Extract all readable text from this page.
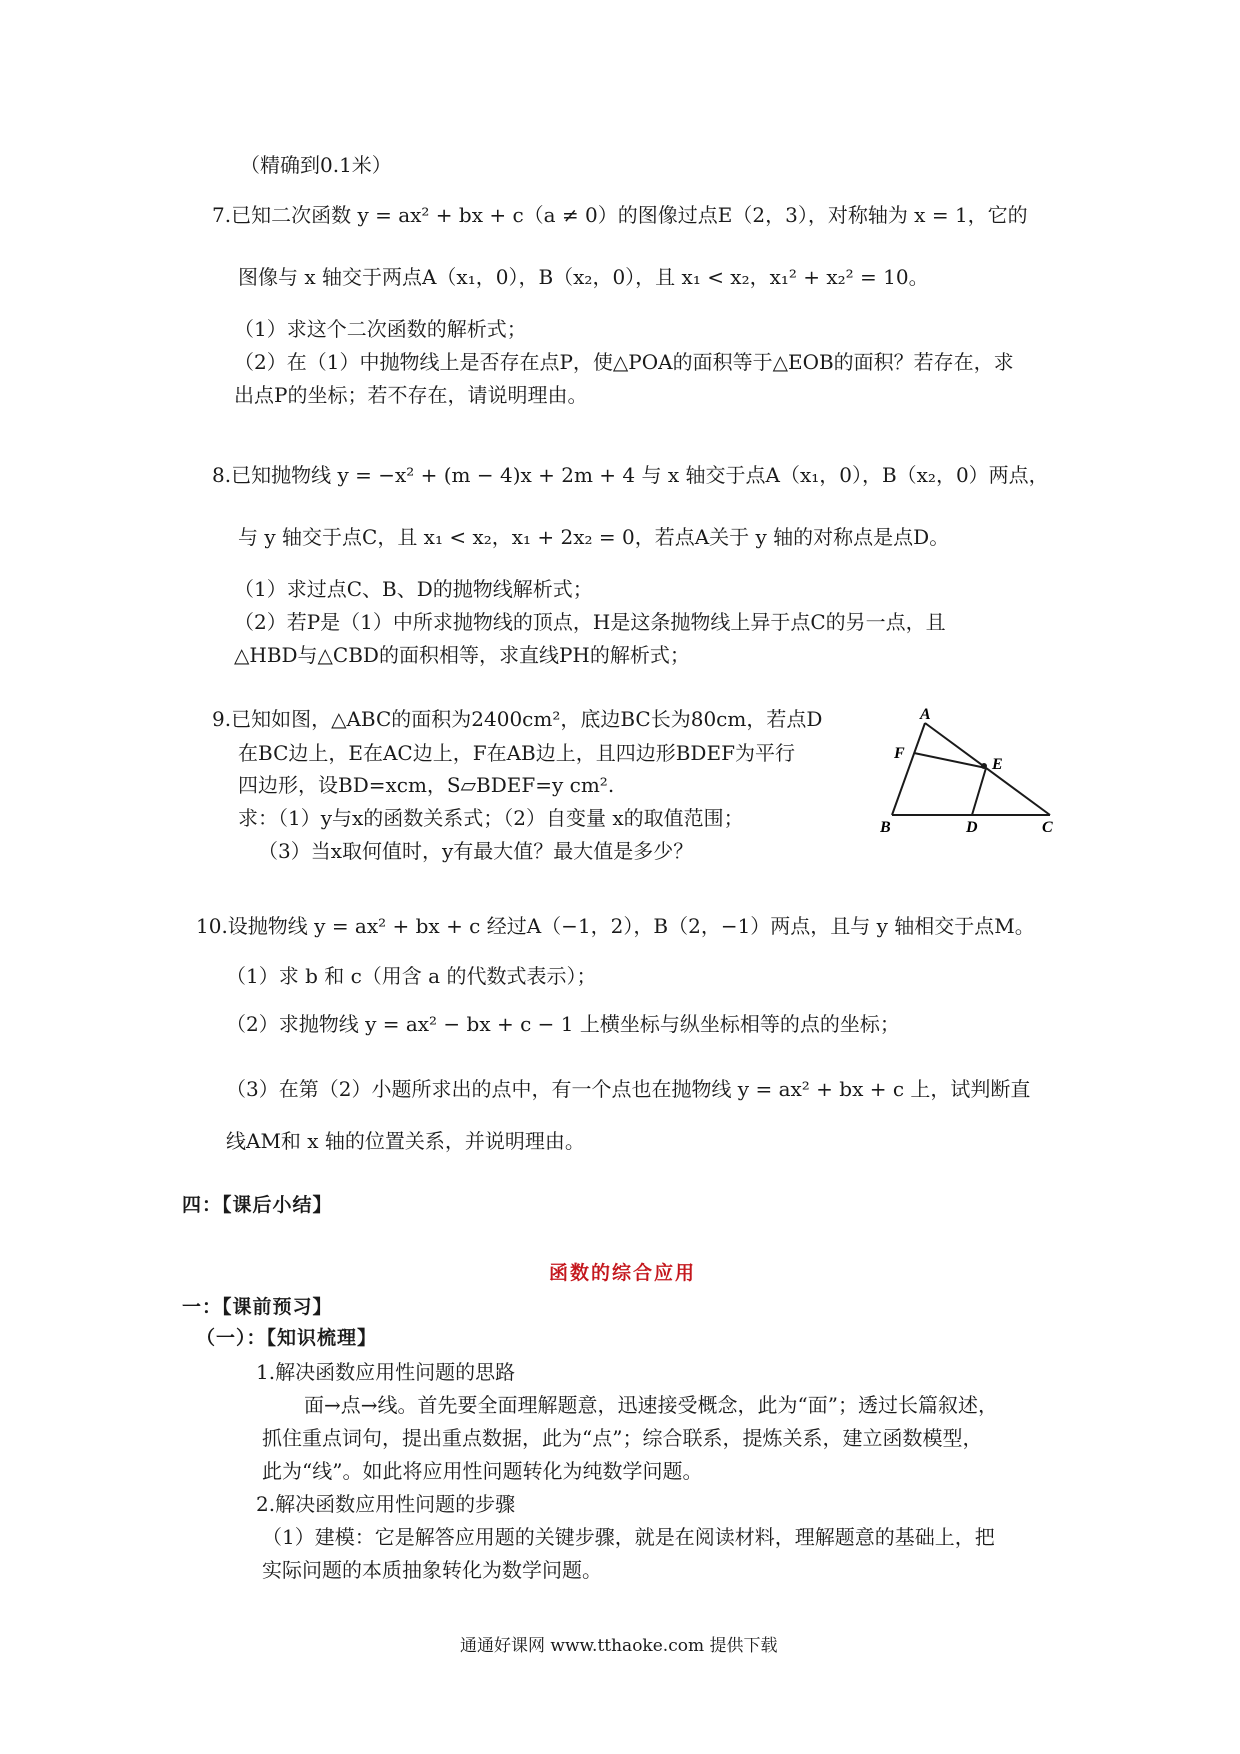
（精确到0.1米）
7.已知二次函数 y = ax² + bx + c（a ≠ 0）的图像过点E（2，3），对称轴为 x = 1，它的
图像与 x 轴交于两点A（x₁，0），B（x₂，0），且 x₁ < x₂，x₁² + x₂² = 10。
（1）求这个二次函数的解析式；
（2）在（1）中抛物线上是否存在点P，使△POA的面积等于△EOB的面积？若存在，求
出点P的坐标；若不存在，请说明理由。
8.已知抛物线 y = −x² + (m − 4)x + 2m + 4 与 x 轴交于点A（x₁，0），B（x₂，0）两点，
与 y 轴交于点C，且 x₁ < x₂，x₁ + 2x₂ = 0，若点A关于 y 轴的对称点是点D。
（1）求过点C、B、D的抛物线解析式；
（2）若P是（1）中所求抛物线的顶点，H是这条抛物线上异于点C的另一点，且
△HBD与△CBD的面积相等，求直线PH的解析式；
9.已知如图，△ABC的面积为2400cm²，底边BC长为80cm，若点D
在BC边上，E在AC边上，F在AB边上，且四边形BDEF为平行
四边形，设BD=xcm，S▱BDEF=y cm².
求：（1）y与x的函数关系式；（2）自变量 x的取值范围；
（3）当x取何值时，y有最大值？最大值是多少？
A
F
E
B	D	C
10.设抛物线 y = ax² + bx + c 经过A（−1，2），B（2，−1）两点，且与 y 轴相交于点M。
（1）求 b 和 c（用含 a 的代数式表示）；
（2）求抛物线 y = ax² − bx + c − 1 上横坐标与纵坐标相等的点的坐标；
（3）在第（2）小题所求出的点中，有一个点也在抛物线 y = ax² + bx + c 上，试判断直
线AM和 x 轴的位置关系，并说明理由。
四：【课后小结】
函数的综合应用
一：【课前预习】
（一）：【知识梳理】
1.解决函数应用性问题的思路
面→点→线。首先要全面理解题意，迅速接受概念，此为“面”；透过长篇叙述，
抓住重点词句，提出重点数据，此为“点”；综合联系，提炼关系，建立函数模型，
此为“线”。如此将应用性问题转化为纯数学问题。
2.解决函数应用性问题的步骤
（1）建模：它是解答应用题的关键步骤，就是在阅读材料，理解题意的基础上，把
实际问题的本质抽象转化为数学问题。
通通好课网 www.tthaoke.com 提供下载
